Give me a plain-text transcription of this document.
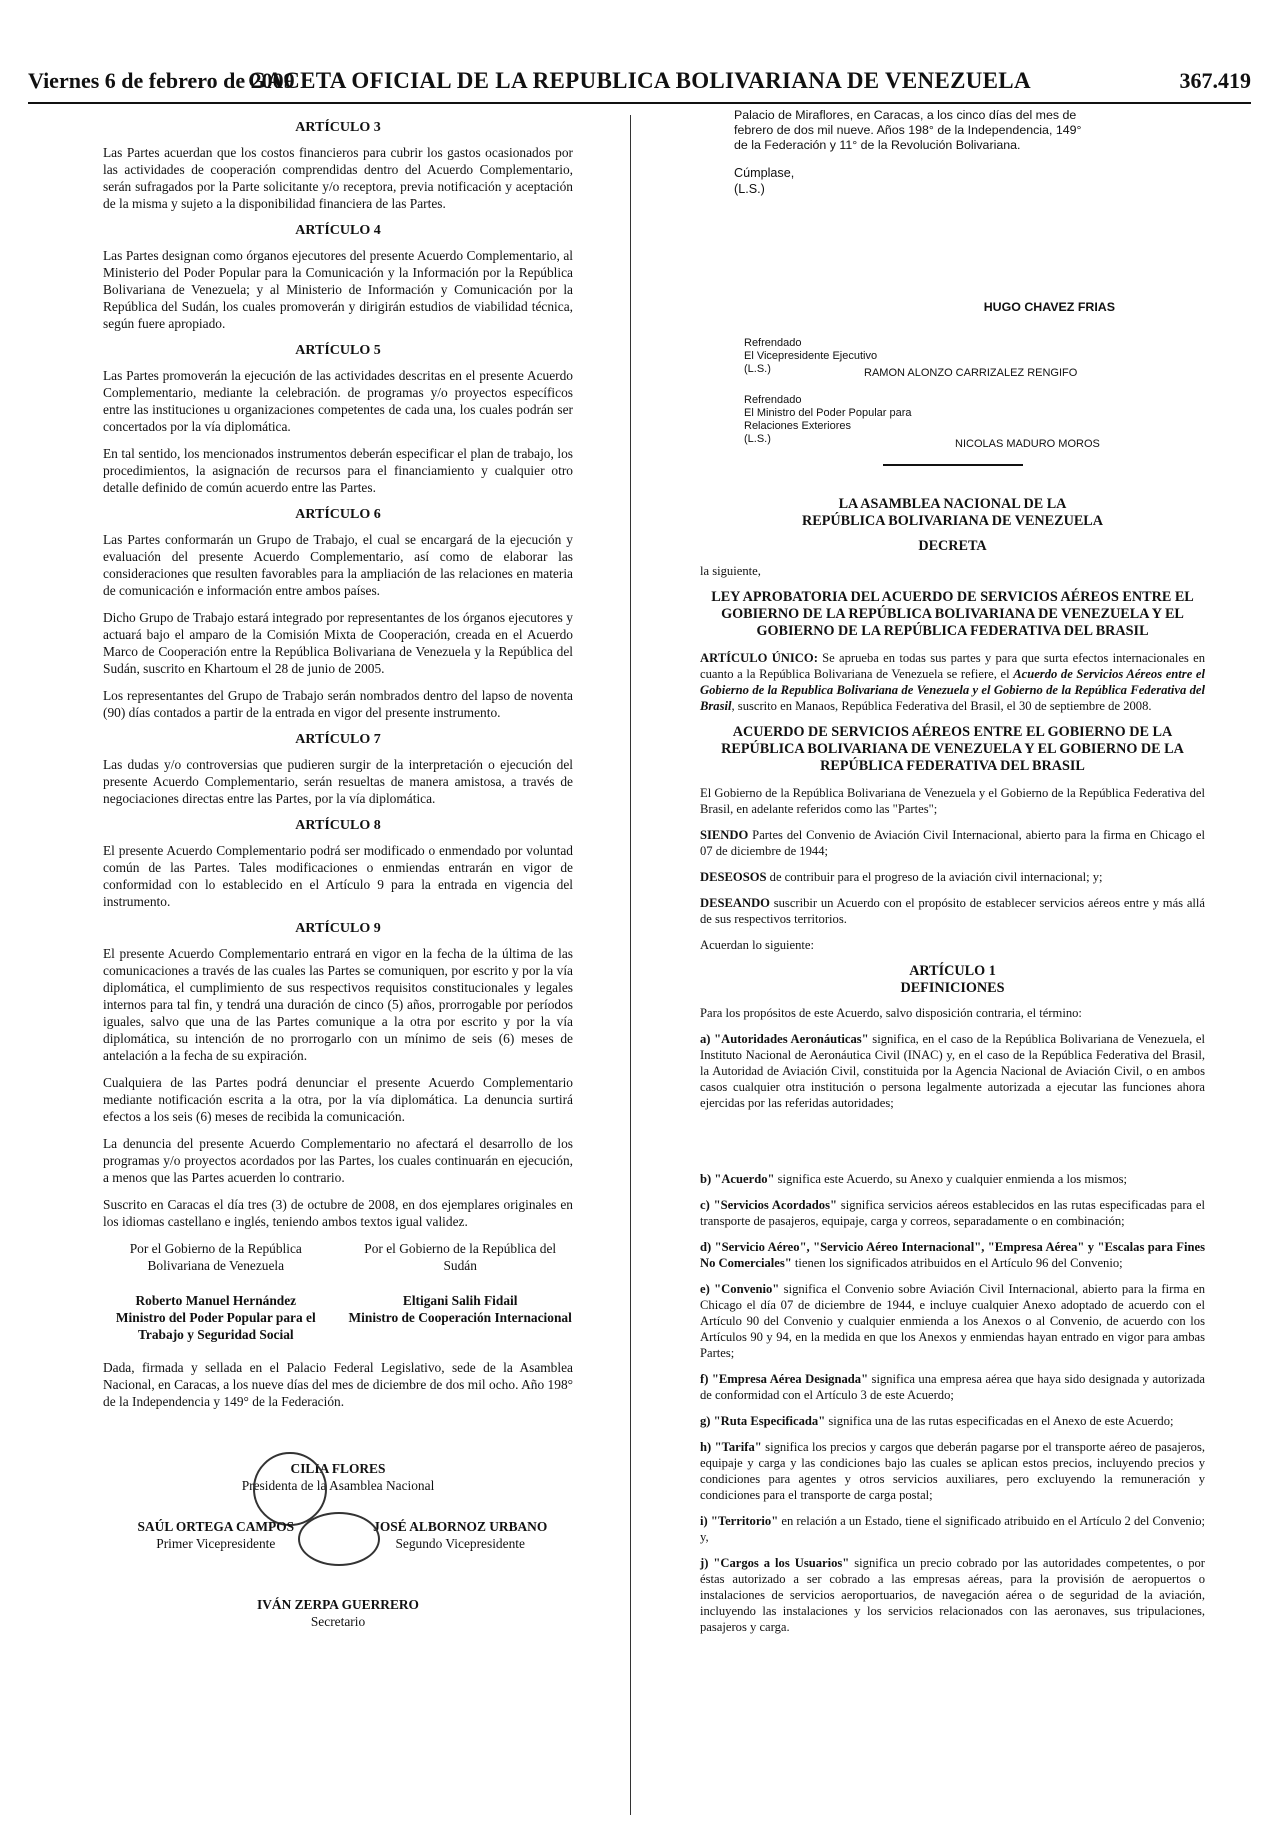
Viernes 6 de febrero de 2009
GACETA OFICIAL DE LA REPUBLICA BOLIVARIANA DE VENEZUELA	367.419
ARTÍCULO 3

Las Partes acuerdan que los costos financieros para cubrir los gastos ocasionados por las actividades de cooperación comprendidas dentro del Acuerdo Complementario, serán sufragados por la Parte solicitante y/o receptora, previa notificación y aceptación de la misma y sujeto a la disponibilidad financiera de las Partes.

ARTÍCULO 4

Las Partes designan como órganos ejecutores del presente Acuerdo Complementario, al Ministerio del Poder Popular para la Comunicación y la Información por la República Bolivariana de Venezuela; y al Ministerio de Información y Comunicación por la República del Sudán, los cuales promoverán y dirigirán estudios de viabilidad técnica, según fuere apropiado.

ARTÍCULO 5

Las Partes promoverán la ejecución de las actividades descritas en el presente Acuerdo Complementario, mediante la celebración. de programas y/o proyectos específicos entre las instituciones u organizaciones competentes de cada una, los cuales podrán ser concertados por la vía diplomática.

En tal sentido, los mencionados instrumentos deberán especificar el plan de trabajo, los procedimientos, la asignación de recursos para el financiamiento y cualquier otro detalle definido de común acuerdo entre las Partes.

ARTÍCULO 6

Las Partes conformarán un Grupo de Trabajo, el cual se encargará de la ejecución y evaluación del presente Acuerdo Complementario, así como de elaborar las consideraciones que resulten favorables para la ampliación de las relaciones en materia de comunicación e información entre ambos países.

Dicho Grupo de Trabajo estará integrado por representantes de los órganos ejecutores y actuará bajo el amparo de la Comisión Mixta de Cooperación, creada en el Acuerdo Marco de Cooperación entre la República Bolivariana de Venezuela y la República del Sudán, suscrito en Khartoum el 28 de junio de 2005.

Los representantes del Grupo de Trabajo serán nombrados dentro del lapso de noventa (90) días contados a partir de la entrada en vigor del presente instrumento.

ARTÍCULO 7

Las dudas y/o controversias que pudieren surgir de la interpretación o ejecución del presente Acuerdo Complementario, serán resueltas de manera amistosa, a través de negociaciones directas entre las Partes, por la vía diplomática.

ARTÍCULO 8

El presente Acuerdo Complementario podrá ser modificado o enmendado por voluntad común de las Partes. Tales modificaciones o enmiendas entrarán en vigor de conformidad con lo establecido en el Artículo 9 para la entrada en vigencia del instrumento.

ARTÍCULO 9

El presente Acuerdo Complementario entrará en vigor en la fecha de la última de las comunicaciones a través de las cuales las Partes se comuniquen, por escrito y por la vía diplomática, el cumplimiento de sus respectivos requisitos constitucionales y legales internos para tal fin, y tendrá una duración de cinco (5) años, prorrogable por períodos iguales, salvo que una de las Partes comunique a la otra por escrito y por la vía diplomática, su intención de no prorrogarlo con un mínimo de seis (6) meses de antelación a la fecha de su expiración.

Cualquiera de las Partes podrá denunciar el presente Acuerdo Complementario mediante notificación escrita a la otra, por la vía diplomática. La denuncia surtirá efectos a los seis (6) meses de recibida la comunicación.

La denuncia del presente Acuerdo Complementario no afectará el desarrollo de los programas y/o proyectos acordados por las Partes, los cuales continuarán en ejecución, a menos que las Partes acuerden lo contrario.

Suscrito en Caracas el día tres (3) de octubre de 2008, en dos ejemplares originales en los idiomas castellano e inglés, teniendo ambos textos igual validez.

Por el Gobierno de la República Bolivariana de Venezuela
Roberto Manuel Hernández
Ministro del Poder Popular para el Trabajo y Seguridad Social
Por el Gobierno de la República del Sudán
Eltigani Salih Fidail
Ministro de Cooperación Internacional

Dada, firmada y sellada en el Palacio Federal Legislativo, sede de la Asamblea Nacional, en Caracas, a los nueve días del mes de diciembre de dos mil ocho. Año 198° de la Independencia y 149° de la Federación.

CILIA FLORES
Presidenta de la Asamblea Nacional
SAÚL ORTEGA CAMPOS
Primer Vicepresidente
JOSÉ ALBORNOZ URBANO
Segundo Vicepresidente
IVÁN ZERPA GUERRERO
Secretario
Palacio de Miraflores, en Caracas, a los cinco días del mes de febrero de dos mil nueve. Años 198° de la Independencia, 149° de la Federación y 11° de la Revolución Bolivariana.
Cúmplase,
(L.S.)
HUGO CHAVEZ FRIAS
Refrendado
El Vicepresidente Ejecutivo
(L.S.)	RAMON ALONZO CARRIZALEZ RENGIFO
Refrendado
El Ministro del Poder Popular para
Relaciones Exteriores
(L.S.)	NICOLAS MADURO MOROS
LA ASAMBLEA NACIONAL DE LA
REPÚBLICA BOLIVARIANA DE VENEZUELA
DECRETA
la siguiente,
LEY APROBATORIA DEL ACUERDO DE SERVICIOS AÉREOS ENTRE EL GOBIERNO DE LA REPÚBLICA BOLIVARIANA DE VENEZUELA Y EL GOBIERNO DE LA REPÚBLICA FEDERATIVA DEL BRASIL

ARTÍCULO ÚNICO: Se aprueba en todas sus partes y para que surta efectos internacionales en cuanto a la República Bolivariana de Venezuela se refiere, el Acuerdo de Servicios Aéreos entre el Gobierno de la Republica Bolivariana de Venezuela y el Gobierno de la República Federativa del Brasil, suscrito en Manaos, República Federativa del Brasil, el 30 de septiembre de 2008.

ACUERDO DE SERVICIOS AÉREOS ENTRE EL GOBIERNO DE LA REPÚBLICA BOLIVARIANA DE VENEZUELA Y EL GOBIERNO DE LA REPÚBLICA FEDERATIVA DEL BRASIL

El Gobierno de la República Bolivariana de Venezuela y el Gobierno de la República Federativa del Brasil, en adelante referidos como las "Partes";

SIENDO Partes del Convenio de Aviación Civil Internacional, abierto para la firma en Chicago el 07 de diciembre de 1944;

DESEOSOS de contribuir para el progreso de la aviación civil internacional; y;

DESEANDO suscribir un Acuerdo con el propósito de establecer servicios aéreos entre y más allá de sus respectivos territorios.

Acuerdan lo siguiente:

ARTÍCULO 1
DEFINICIONES

Para los propósitos de este Acuerdo, salvo disposición contraria, el término:

a) "Autoridades Aeronáuticas" significa, en el caso de la República Bolivariana de Venezuela, el Instituto Nacional de Aeronáutica Civil (INAC) y, en el caso de la República Federativa del Brasil, la Autoridad de Aviación Civil, constituida por la Agencia Nacional de Aviación Civil, o en ambos casos cualquier otra institución o persona legalmente autorizada a ejecutar las funciones ahora ejercidas por las referidas autoridades;

b) "Acuerdo" significa este Acuerdo, su Anexo y cualquier enmienda a los mismos;

c) "Servicios Acordados" significa servicios aéreos establecidos en las rutas especificadas para el transporte de pasajeros, equipaje, carga y correos, separadamente o en combinación;

d) "Servicio Aéreo", "Servicio Aéreo Internacional", "Empresa Aérea" y "Escalas para Fines No Comerciales" tienen los significados atribuidos en el Artículo 96 del Convenio;

e) "Convenio" significa el Convenio sobre Aviación Civil Internacional, abierto para la firma en Chicago el día 07 de diciembre de 1944, e incluye cualquier Anexo adoptado de acuerdo con el Artículo 90 del Convenio y cualquier enmienda a los Anexos o al Convenio, de acuerdo con los Artículos 90 y 94, en la medida en que los Anexos y enmiendas hayan entrado en vigor para ambas Partes;

f) "Empresa Aérea Designada" significa una empresa aérea que haya sido designada y autorizada de conformidad con el Artículo 3 de este Acuerdo;

g) "Ruta Especificada" significa una de las rutas especificadas en el Anexo de este Acuerdo;

h) "Tarifa" significa los precios y cargos que deberán pagarse por el transporte aéreo de pasajeros, equipaje y carga y las condiciones bajo las cuales se aplican estos precios, incluyendo precios y condiciones para agentes y otros servicios auxiliares, pero excluyendo la remuneración y condiciones para el transporte de carga postal;

i) "Territorio" en relación a un Estado, tiene el significado atribuido en el Artículo 2 del Convenio; y,

j) "Cargos a los Usuarios" significa un precio cobrado por las autoridades competentes, o por éstas autorizado a ser cobrado a las empresas aéreas, para la provisión de aeropuertos o instalaciones de servicios aeroportuarios, de navegación aérea o de seguridad de la aviación, incluyendo las instalaciones y los servicios relacionados con las aeronaves, sus tripulaciones, pasajeros y carga.
